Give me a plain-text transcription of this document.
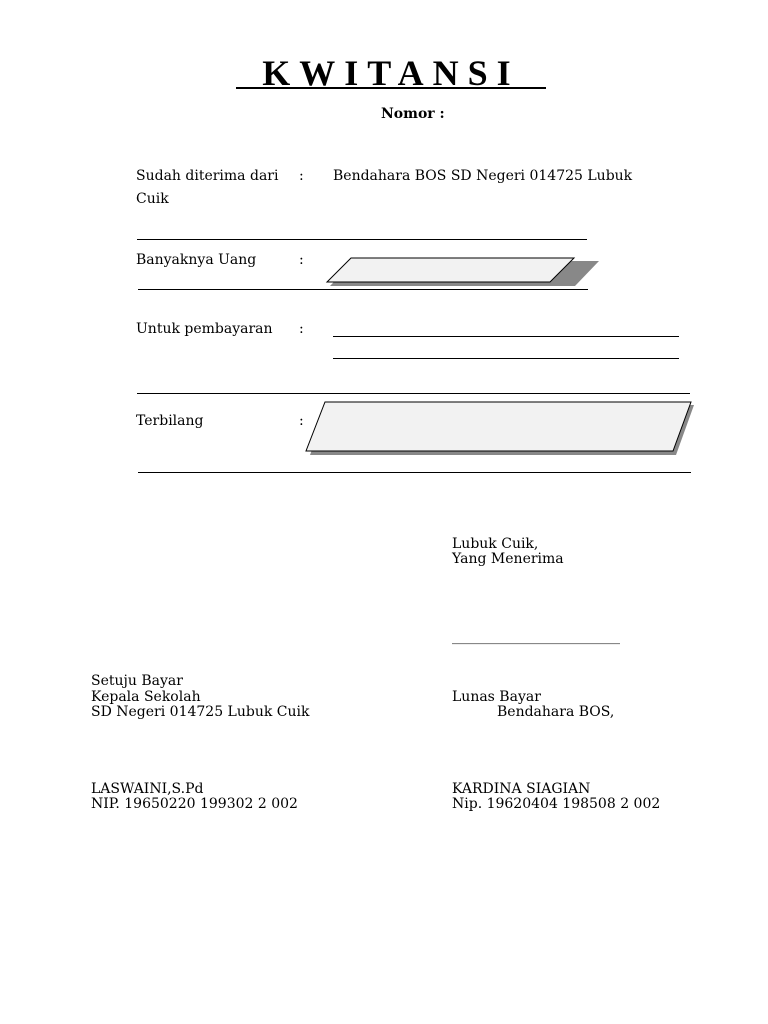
KWITANSI
Nomor :
Sudah diterima dari : Bendahara BOS SD Negeri 014725 Lubuk
Cuik
Banyaknya Uang	:
Untuk pembayaran :
Terbilang	:
Lubuk Cuik,
Yang Menerima
________________________
Setuju Bayar
Kepala Sekolah
SD Negeri 014725 Lubuk Cuik
LASWAINI,S.Pd
NIP. 19650220 199302 2 002
Lunas Bayar
Bendahara BOS,
KARDINA SIAGIAN
Nip. 19620404 198508 2 002
